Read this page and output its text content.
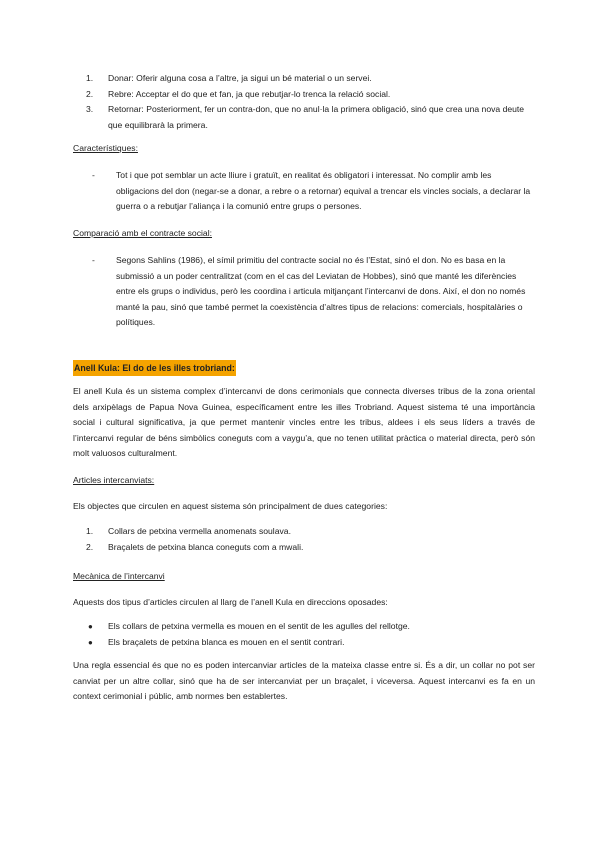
1. Donar: Oferir alguna cosa a l’altre, ja sigui un bé material o un servei.
2. Rebre: Acceptar el do que et fan, ja que rebutjar-lo trenca la relació social.
3. Retornar: Posteriorment, fer un contra-don, que no anul·la la primera obligació, sinó que crea una nova deute que equilibrarà la primera.
Característiques:
- Tot i que pot semblar un acte lliure i gratuït, en realitat és obligatori i interessat. No complir amb les obligacions del don (negar-se a donar, a rebre o a retornar) equival a trencar els vincles socials, a declarar la guerra o a rebutjar l’aliança i la comunió entre grups o persones.
Comparació amb el contracte social:
- Segons Sahlins (1986), el símil primitiu del contracte social no és l’Estat, sinó el don. No es basa en la submissió a un poder centralitzat (com en el cas del Leviatan de Hobbes), sinó que manté les diferències entre els grups o individus, però les coordina i articula mitjançant l’intercanvi de dons. Així, el don no només manté la pau, sinó que també permet la coexistència d’altres tipus de relacions: comercials, hospitalàries o polítiques.
Anell Kula: El do de les illes trobriand:
El anell Kula és un sistema complex d’intercanvi de dons cerimonials que connecta diverses tribus de la zona oriental dels arxipèlags de Papua Nova Guinea, específicament entre les illes Trobriand. Aquest sistema té una importància social i cultural significativa, ja que permet mantenir vincles entre les tribus, aldees i els seus líders a través de l’intercanvi regular de béns simbòlics coneguts com a vaygu’a, que no tenen utilitat pràctica o material directa, però són molt valuosos culturalment.
Articles intercanviats:
Els objectes que circulen en aquest sistema són principalment de dues categories:
1. Collars de petxina vermella anomenats soulava.
2. Braçalets de petxina blanca coneguts com a mwali.
Mecànica de l’intercanvi
Aquests dos tipus d’articles circulen al llarg de l’anell Kula en direccions oposades:
● Els collars de petxina vermella es mouen en el sentit de les agulles del rellotge.
● Els braçalets de petxina blanca es mouen en el sentit contrari.
Una regla essencial és que no es poden intercanviar articles de la mateixa classe entre si. És a dir, un collar no pot ser canviat per un altre collar, sinó que ha de ser intercanviat per un braçalet, i viceversa. Aquest intercanvi es fa en un context cerimonial i públic, amb normes ben establertes.
